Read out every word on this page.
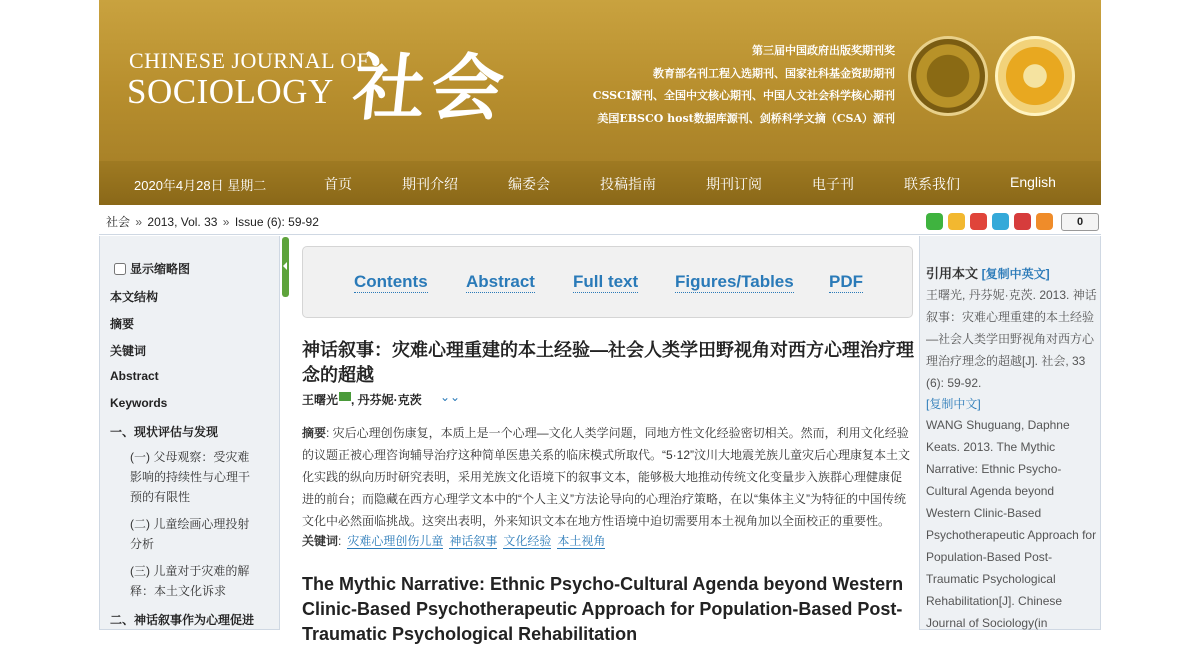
CHINESE JOURNAL OF
SOCIOLOGY 社会	第三届中国政府出版奖期刊奖
教育部名刊工程入选期刊、国家社科基金资助期刊
CSSCI源刊、全国中文核心期刊、中国人文社会科学核心期刊
美国EBSCO host数据库源刊、剑桥科学文摘（CSA）源刊
2020年4月28日 星期二	首页	期刊介绍	编委会	投稿指南	期刊订阅	电子刊	联系我们	English
社会 » 2013, Vol. 33 » Issue (6): 59-92	0
显示缩略图
本文结构
摘要
关键词
Abstract
Keywords
一、现状评估与发现
(一) 父母观察：受灾难影响的持续性与心理干预的有限性
(二) 儿童绘画心理投射分析
(三) 儿童对于灾难的解释：本土文化诉求
二、神话叙事作为心理促进
Contents Abstract Full text Figures/Tables PDF
神话叙事：灾难心理重建的本土经验—社会人类学田野视角对西方心理治疗理念的超越
王曙光 , 丹芬妮·克茨 ⌄⌄
摘要: 灾后心理创伤康复，本质上是一个心理—文化人类学问题，同地方性文化经验密切相关。然而，利用文化经验的议题正被心理咨询辅导治疗这种简单医患关系的临床模式所取代。“5·12”汶川大地震羌族儿童灾后心理康复本土文化实践的纵向历时研究表明，采用羌族文化语境下的叙事文本，能够极大地推动传统文化变量步入族群心理健康促进的前台；而隐藏在西方心理学文本中的“个人主义”方法论导向的心理治疗策略，在以“集体主义”为特征的中国传统文化中必然面临挑战。这突出表明，外来知识文本在地方性语境中迫切需要用本土视角加以全面校正的重要性。
关键词: 灾难心理创伤儿童 神话叙事 文化经验 本土视角
The Mythic Narrative: Ethnic Psycho-Cultural Agenda beyond Western Clinic-Based Psychotherapeutic Approach for Population-Based Post-Traumatic Psychological Rehabilitation
引用本文 [复制中英文]
王曙光, 丹芬妮·克茨. 2013. 神话叙事：灾难心理重建的本土经验—社会人类学田野视角对西方心理治疗理念的超越[J]. 社会, 33 (6): 59-92.
[复制中文]
WANG Shuguang, Daphne Keats. 2013. The Mythic Narrative: Ethnic Psycho-Cultural Agenda beyond Western Clinic-Based Psychotherapeutic Approach for Population-Based Post-Traumatic Psychological Rehabilitation[J]. Chinese Journal of Sociology(in
